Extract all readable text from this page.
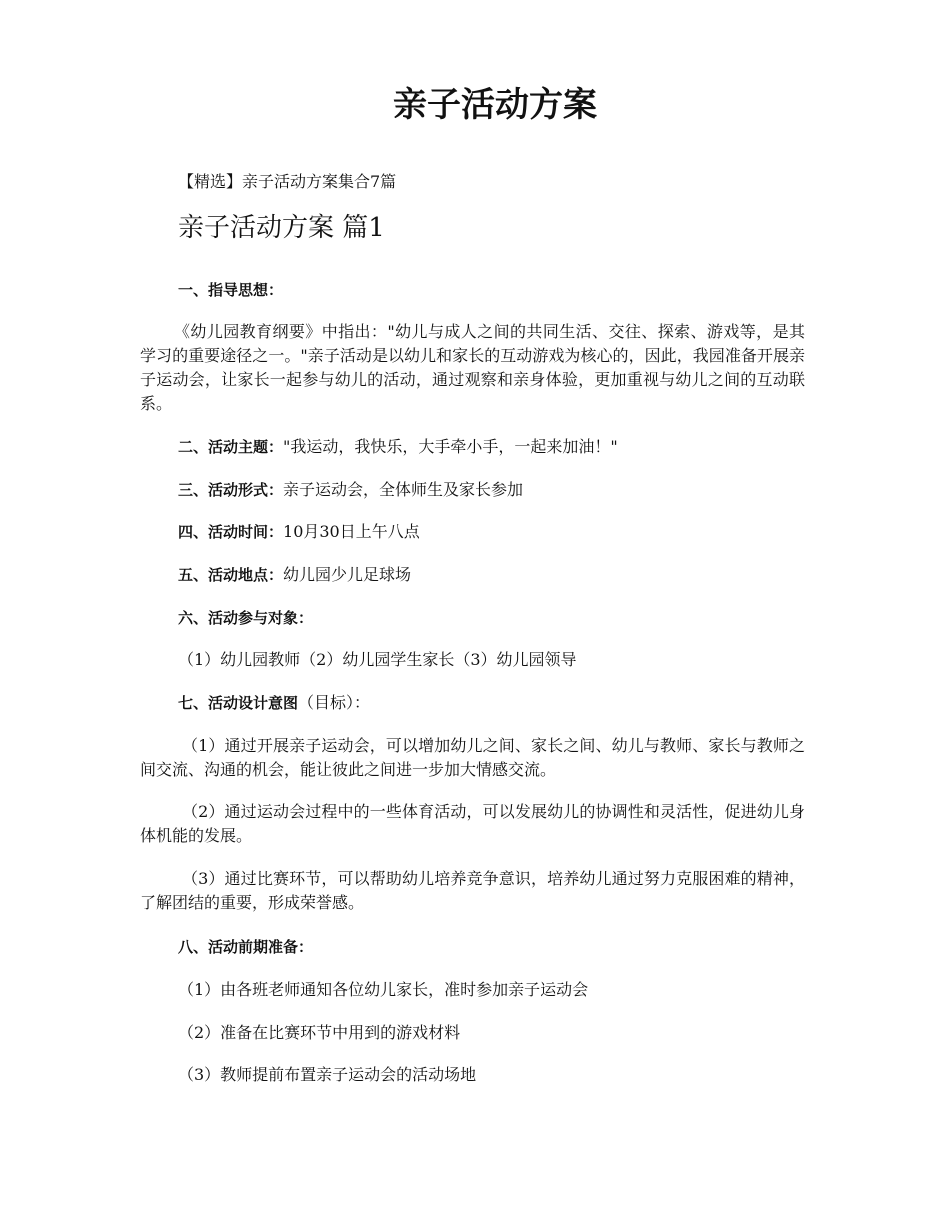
亲子活动方案

【精选】亲子活动方案集合7篇

亲子活动方案 篇1

一、指导思想：

《幼儿园教育纲要》中指出："幼儿与成人之间的共同生活、交往、探索、游戏等，是其学习的重要途径之一。"亲子活动是以幼儿和家长的互动游戏为核心的，因此，我园准备开展亲子运动会，让家长一起参与幼儿的活动，通过观察和亲身体验，更加重视与幼儿之间的互动联系。

二、活动主题："我运动，我快乐，大手牵小手，一起来加油！"

三、活动形式：亲子运动会，全体师生及家长参加

四、活动时间：10月30日上午八点

五、活动地点：幼儿园少儿足球场

六、活动参与对象：

（1）幼儿园教师（2）幼儿园学生家长（3）幼儿园领导

七、活动设计意图（目标）：

（1）通过开展亲子运动会，可以增加幼儿之间、家长之间、幼儿与教师、家长与教师之间交流、沟通的机会，能让彼此之间进一步加大情感交流。

（2）通过运动会过程中的一些体育活动，可以发展幼儿的协调性和灵活性，促进幼儿身体机能的发展。

（3）通过比赛环节，可以帮助幼儿培养竞争意识，培养幼儿通过努力克服困难的精神，了解团结的重要，形成荣誉感。

八、活动前期准备：

（1）由各班老师通知各位幼儿家长，准时参加亲子运动会

（2）准备在比赛环节中用到的游戏材料

（3）教师提前布置亲子运动会的活动场地
